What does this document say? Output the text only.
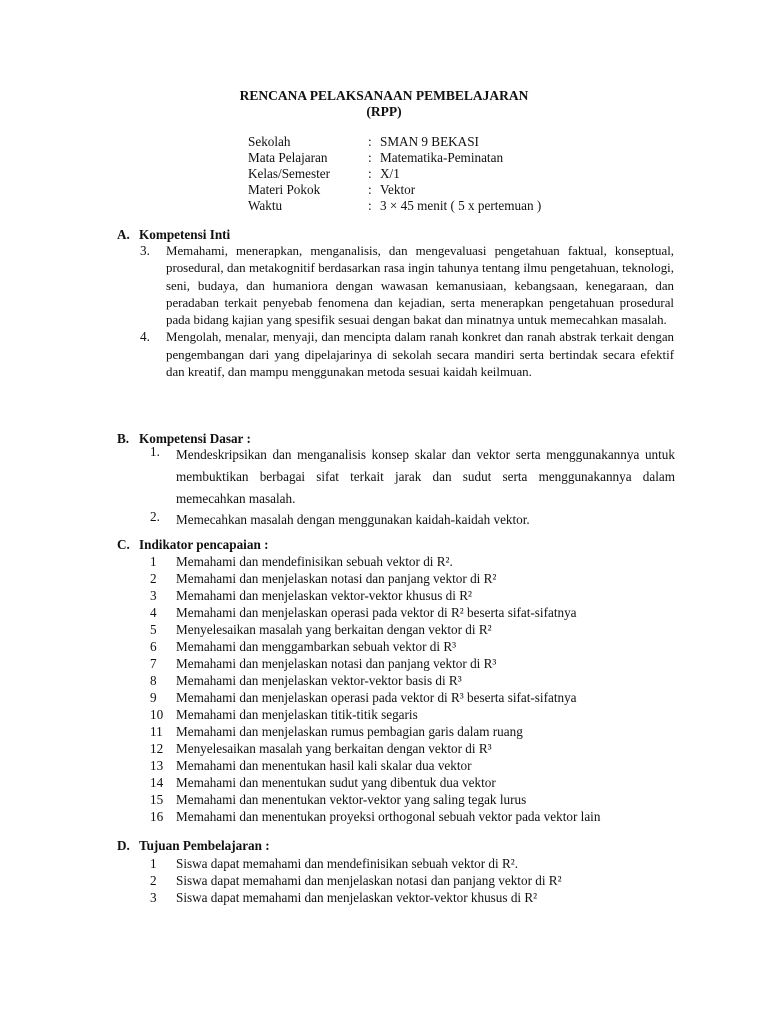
RENCANA PELAKSANAAN PEMBELAJARAN
(RPP)
Sekolah	: SMAN 9 BEKASI
Mata Pelajaran	: Matematika-Peminatan
Kelas/Semester	: X/1
Materi Pokok	: Vektor
Waktu	: 3 × 45 menit ( 5 x pertemuan )
A. Kompetensi Inti
3.	Memahami, menerapkan, menganalisis, dan mengevaluasi pengetahuan faktual, konseptual, prosedural, dan metakognitif berdasarkan rasa ingin tahunya tentang ilmu pengetahuan, teknologi, seni, budaya, dan humaniora dengan wawasan kemanusiaan, kebangsaan, kenegaraan, dan peradaban terkait penyebab fenomena dan kejadian, serta menerapkan pengetahuan prosedural pada bidang kajian yang spesifik sesuai dengan bakat dan minatnya untuk memecahkan masalah.
4.	Mengolah, menalar, menyaji, dan mencipta dalam ranah konkret dan ranah abstrak terkait dengan pengembangan dari yang dipelajarinya di sekolah secara mandiri serta bertindak secara efektif dan kreatif, dan mampu menggunakan metoda sesuai kaidah keilmuan.
B. Kompetensi Dasar :
1.	Mendeskripsikan dan menganalisis konsep skalar dan vektor serta menggunakannya untuk membuktikan berbagai sifat terkait jarak dan sudut serta menggunakannya dalam memecahkan masalah.
2.	Memecahkan masalah dengan menggunakan kaidah-kaidah vektor.
C. Indikator pencapaian :
1	Memahami dan mendefinisikan sebuah vektor di R².
2	Memahami dan menjelaskan notasi dan panjang vektor di R²
3	Memahami dan menjelaskan vektor-vektor khusus di R²
4	Memahami dan menjelaskan operasi pada vektor di R² beserta sifat-sifatnya
5	Menyelesaikan masalah yang berkaitan dengan vektor di R²
6	Memahami dan menggambarkan sebuah vektor di R³
7	Memahami dan menjelaskan notasi dan panjang vektor di R³
8	Memahami dan menjelaskan vektor-vektor basis di R³
9	Memahami dan menjelaskan operasi pada vektor di R³ beserta sifat-sifatnya
10 Memahami dan menjelaskan titik-titik segaris
11	Memahami dan menjelaskan rumus pembagian garis dalam ruang
12 Menyelesaikan masalah yang berkaitan dengan vektor di R³
13 Memahami dan menentukan hasil kali skalar dua vektor
14 Memahami dan menentukan sudut yang dibentuk dua vektor
15 Memahami dan menentukan vektor-vektor yang saling tegak lurus
16 Memahami dan menentukan proyeksi orthogonal sebuah vektor pada vektor lain
D. Tujuan Pembelajaran :
1	Siswa dapat memahami dan mendefinisikan sebuah vektor di R².
2	Siswa dapat memahami dan menjelaskan notasi dan panjang vektor di R²
3	Siswa dapat memahami dan menjelaskan vektor-vektor khusus di R²
